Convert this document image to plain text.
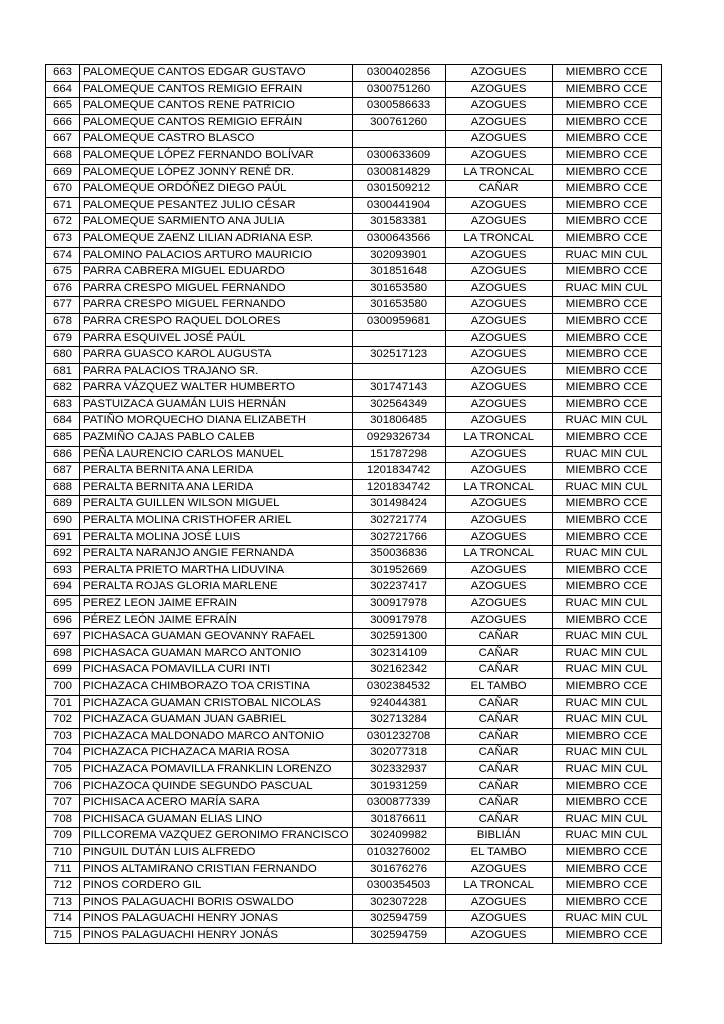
663	PALOMEQUE CANTOS EDGAR GUSTAVO	0300402856	AZOGUES	MIEMBRO CCE
664	PALOMEQUE CANTOS REMIGIO EFRAIN	0300751260	AZOGUES	MIEMBRO CCE
665	PALOMEQUE CANTOS RENE PATRICIO	0300586633	AZOGUES	MIEMBRO CCE
666	PALOMEQUE CANTOS REMIGIO EFRÁIN	300761260	AZOGUES	MIEMBRO CCE
667	PALOMEQUE CASTRO BLASCO		AZOGUES	MIEMBRO CCE
668	PALOMEQUE LÓPEZ FERNANDO BOLÍVAR	0300633609	AZOGUES	MIEMBRO CCE
669	PALOMEQUE LÓPEZ JONNY RENÉ DR.	0300814829	LA TRONCAL	MIEMBRO CCE
670	PALOMEQUE ORDÓÑEZ DIEGO PAÚL	0301509212	CAÑAR	MIEMBRO CCE
671	PALOMEQUE PESANTEZ JULIO CÉSAR	0300441904	AZOGUES	MIEMBRO CCE
672	PALOMEQUE SARMIENTO ANA JULIA	301583381	AZOGUES	MIEMBRO CCE
673	PALOMEQUE ZAENZ LILIAN ADRIANA ESP.	0300643566	LA TRONCAL	MIEMBRO CCE
674	PALOMINO PALACIOS ARTURO MAURICIO	302093901	AZOGUES	RUAC MIN CUL
675	PARRA CABRERA MIGUEL EDUARDO	301851648	AZOGUES	MIEMBRO CCE
676	PARRA CRESPO MIGUEL FERNANDO	301653580	AZOGUES	RUAC MIN CUL
677	PARRA CRESPO MIGUEL FERNANDO	301653580	AZOGUES	MIEMBRO CCE
678	PARRA CRESPO RAQUEL DOLORES	0300959681	AZOGUES	MIEMBRO CCE
679	PARRA ESQUIVEL JOSÉ PAÚL		AZOGUES	MIEMBRO CCE
680	PARRA GUASCO KAROL AUGUSTA	302517123	AZOGUES	MIEMBRO CCE
681	PARRA PALACIOS TRAJANO SR.		AZOGUES	MIEMBRO CCE
682	PARRA VÁZQUEZ WALTER HUMBERTO	301747143	AZOGUES	MIEMBRO CCE
683	PASTUIZACA GUAMÁN LUIS HERNÁN	302564349	AZOGUES	MIEMBRO CCE
684	PATIÑO MORQUECHO DIANA ELIZABETH	301806485	AZOGUES	RUAC MIN CUL
685	PAZMIÑO CAJAS PABLO CALEB	0929326734	LA TRONCAL	MIEMBRO CCE
686	PEÑA LAURENCIO CARLOS MANUEL	151787298	AZOGUES	RUAC MIN CUL
687	PERALTA BERNITA ANA LERIDA	1201834742	AZOGUES	MIEMBRO CCE
688	PERALTA BERNITA ANA LERIDA	1201834742	LA TRONCAL	RUAC MIN CUL
689	PERALTA GUILLEN WILSON MIGUEL	301498424	AZOGUES	MIEMBRO CCE
690	PERALTA MOLINA CRISTHOFER ARIEL	302721774	AZOGUES	MIEMBRO CCE
691	PERALTA MOLINA JOSÉ LUIS	302721766	AZOGUES	MIEMBRO CCE
692	PERALTA NARANJO ANGIE FERNANDA	350036836	LA TRONCAL	RUAC MIN CUL
693	PERALTA PRIETO MARTHA LIDUVINA	301952669	AZOGUES	MIEMBRO CCE
694	PERALTA ROJAS GLORIA MARLENE	302237417	AZOGUES	MIEMBRO CCE
695	PEREZ LEON JAIME EFRAIN	300917978	AZOGUES	RUAC MIN CUL
696	PÉREZ LEÓN JAIME EFRAÍN	300917978	AZOGUES	MIEMBRO CCE
697	PICHASACA GUAMAN GEOVANNY RAFAEL	302591300	CAÑAR	RUAC MIN CUL
698	PICHASACA GUAMAN MARCO ANTONIO	302314109	CAÑAR	RUAC MIN CUL
699	PICHASACA POMAVILLA CURI INTI	302162342	CAÑAR	RUAC MIN CUL
700	PICHAZACA CHIMBORAZO TOA CRISTINA	0302384532	EL TAMBO	MIEMBRO CCE
701	PICHAZACA GUAMAN CRISTOBAL NICOLAS	924044381	CAÑAR	RUAC MIN CUL
702	PICHAZACA GUAMAN JUAN GABRIEL	302713284	CAÑAR	RUAC MIN CUL
703	PICHAZACA MALDONADO MARCO ANTONIO	0301232708	CAÑAR	MIEMBRO CCE
704	PICHAZACA PICHAZACA MARIA ROSA	302077318	CAÑAR	RUAC MIN CUL
705	PICHAZACA POMAVILLA FRANKLIN LORENZO	302332937	CAÑAR	RUAC MIN CUL
706	PICHAZOCA QUINDE SEGUNDO PASCUAL	301931259	CAÑAR	MIEMBRO CCE
707	PICHISACA ACERO MARÍA SARA	0300877339	CAÑAR	MIEMBRO CCE
708	PICHISACA GUAMAN ELIAS LINO	301876611	CAÑAR	RUAC MIN CUL
709	PILLCOREMA VAZQUEZ GERONIMO FRANCISCO	302409982	BIBLIÁN	RUAC MIN CUL
710	PINGUIL DUTÁN LUIS ALFREDO	0103276002	EL TAMBO	MIEMBRO CCE
711	PINOS ALTAMIRANO CRISTIAN FERNANDO	301676276	AZOGUES	MIEMBRO CCE
712	PINOS CORDERO GIL	0300354503	LA TRONCAL	MIEMBRO CCE
713	PINOS PALAGUACHI BORIS OSWALDO	302307228	AZOGUES	MIEMBRO CCE
714	PINOS PALAGUACHI HENRY JONAS	302594759	AZOGUES	RUAC MIN CUL
715	PINOS PALAGUACHI HENRY JONÁS	302594759	AZOGUES	MIEMBRO CCE
